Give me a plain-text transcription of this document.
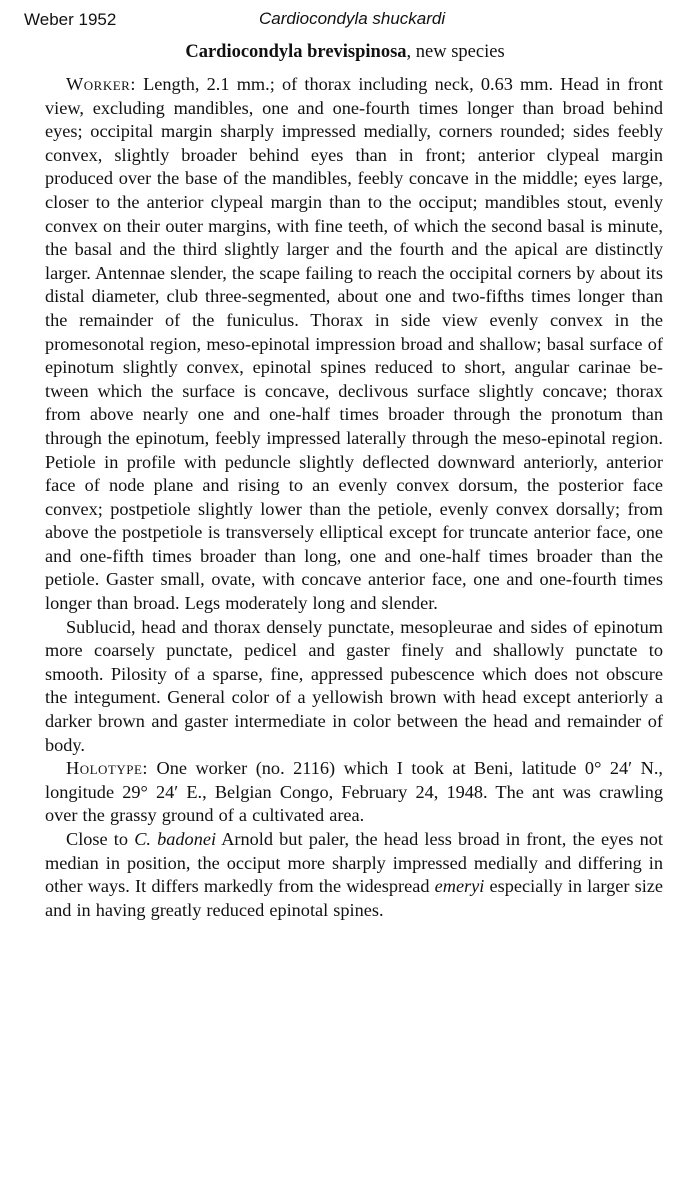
Weber 1952	Cardiocondyla shuckardi
Cardiocondyla brevispinosa, new species

Worker: Length, 2.1 mm.; of thorax including neck, 0.63 mm. Head in front view, excluding mandibles, one and one-fourth times longer than broad behind eyes; occipital margin sharply impressed medially, corners rounded; sides feebly convex, slightly broader behind eyes than in front; anterior clypeal margin produced over the base of the mandibles, feebly concave in the middle; eyes large, closer to the anterior clypeal margin than to the occiput; mandibles stout, evenly convex on their outer margins, with fine teeth, of which the second basal is minute, the basal and the third slightly larger and the fourth and the apical are distinctly larger. Antennae slender, the scape failing to reach the occipital corners by about its distal diameter, club three-segmented, about one and two-fifths times longer than the remainder of the funiculus. Thorax in side view evenly convex in the promesonotal region, meso-epinotal impression broad and shallow; basal surface of epinotum slightly convex, epinotal spines reduced to short, angular carinae between which the surface is concave, declivous surface slightly concave; thorax from above nearly one and one-half times broader through the pronotum than through the epinotum, feebly impressed laterally through the meso-epinotal region. Petiole in profile with peduncle slightly deflected downward anteriorly, anterior face of node plane and rising to an evenly convex dorsum, the posterior face convex; postpetiole slightly lower than the petiole, evenly convex dorsally; from above the postpetiole is transversely elliptical except for truncate anterior face, one and one-fifth times broader than long, one and one-half times broader than the petiole. Gaster small, ovate, with concave anterior face, one and one-fourth times longer than broad. Legs moderately long and slender.

Sublucid, head and thorax densely punctate, mesopleurae and sides of epinotum more coarsely punctate, pedicel and gaster finely and shallowly punctate to smooth. Pilosity of a sparse, fine, appressed pubescence which does not obscure the integument. General color of a yellowish brown with head except anteriorly a darker brown and gaster intermediate in color between the head and remainder of body.

Holotype: One worker (no. 2116) which I took at Beni, latitude 0° 24′ N., longitude 29° 24′ E., Belgian Congo, February 24, 1948. The ant was crawling over the grassy ground of a cultivated area.

Close to C. badonei Arnold but paler, the head less broad in front, the eyes not median in position, the occiput more sharply impressed medially and differing in other ways. It differs markedly from the widespread emeryi especially in larger size and in having greatly reduced epinotal spines.
